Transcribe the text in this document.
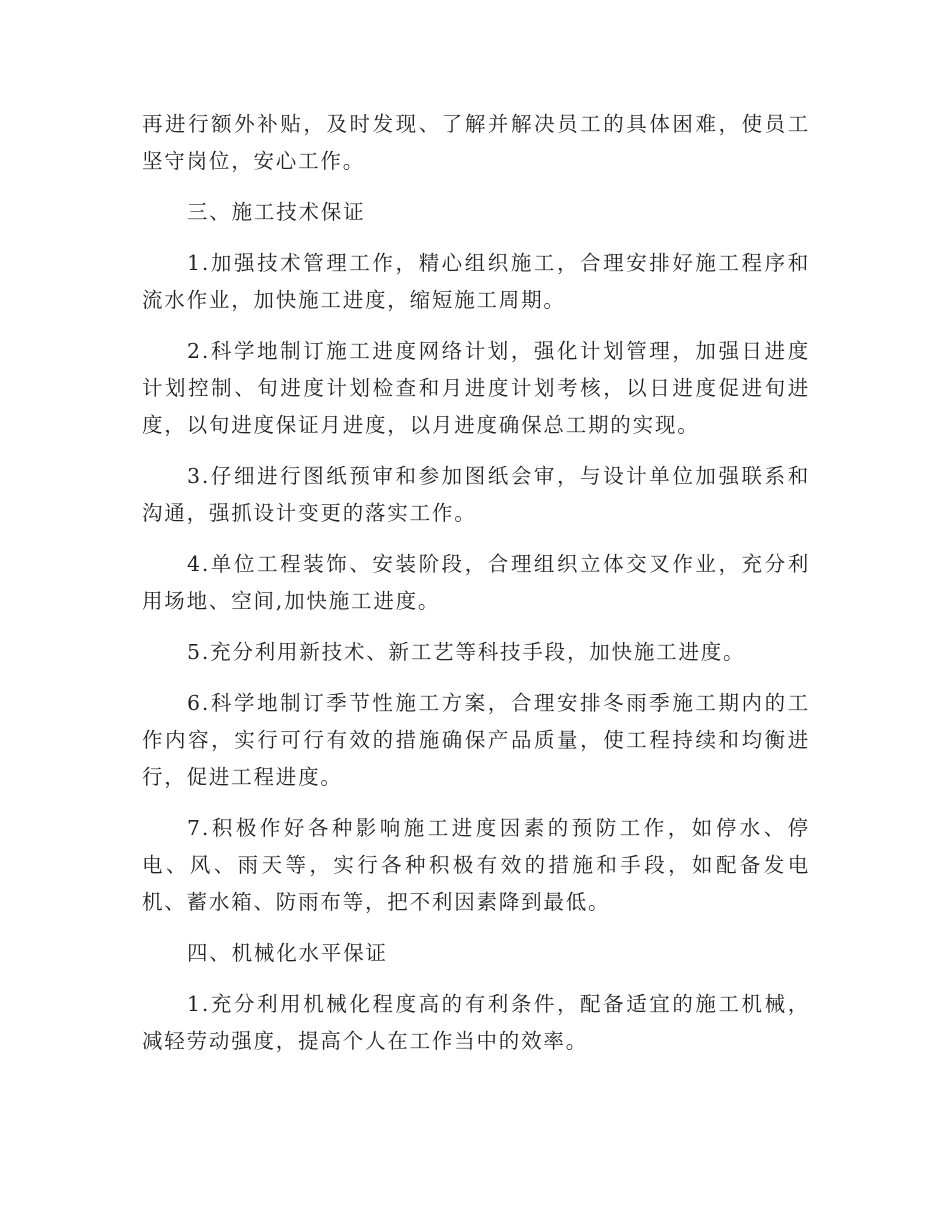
再进行额外补贴，及时发现、了解并解决员工的具体困难，使员工坚守岗位，安心工作。

三、施工技术保证

1.加强技术管理工作，精心组织施工，合理安排好施工程序和流水作业，加快施工进度，缩短施工周期。

2.科学地制订施工进度网络计划，强化计划管理，加强日进度计划控制、旬进度计划检查和月进度计划考核，以日进度促进旬进度，以旬进度保证月进度，以月进度确保总工期的实现。

3.仔细进行图纸预审和参加图纸会审，与设计单位加强联系和沟通，强抓设计变更的落实工作。

4.单位工程装饰、安装阶段，合理组织立体交叉作业，充分利用场地、空间,加快施工进度。

5.充分利用新技术、新工艺等科技手段，加快施工进度。

6.科学地制订季节性施工方案，合理安排冬雨季施工期内的工作内容，实行可行有效的措施确保产品质量，使工程持续和均衡进行，促进工程进度。

7.积极作好各种影响施工进度因素的预防工作，如停水、停电、风、雨天等，实行各种积极有效的措施和手段，如配备发电机、蓄水箱、防雨布等，把不利因素降到最低。

四、机械化水平保证

1.充分利用机械化程度高的有利条件，配备适宜的施工机械，减轻劳动强度，提高个人在工作当中的效率。
